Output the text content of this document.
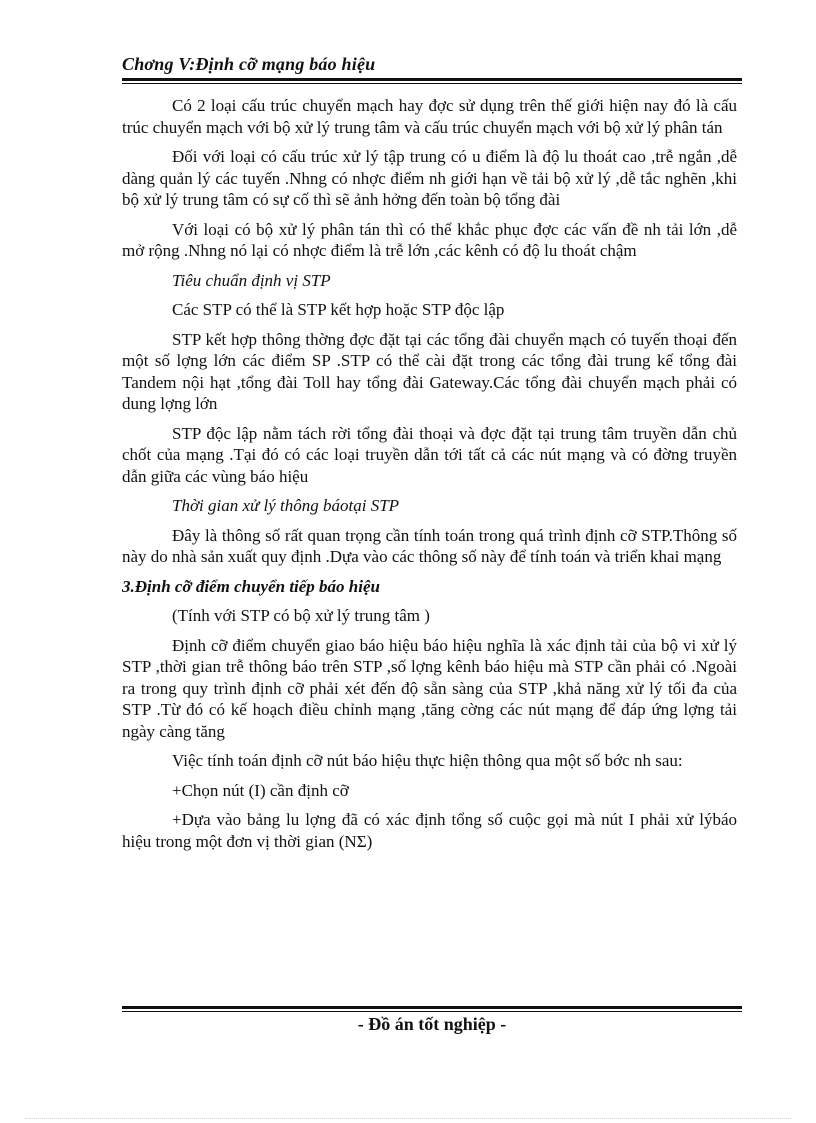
Chơng V:Định cỡ mạng báo hiệu

Có 2 loại cấu trúc chuyển mạch hay đợc sử dụng trên thế giới hiện nay đó là cấu trúc chuyển mạch với bộ xử lý trung tâm và cấu trúc chuyển mạch với bộ xử lý phân tán

Đối với loại có cấu trúc xử lý tập trung có u điểm là độ lu thoát cao ,trễ ngắn ,dễ dàng quản lý các tuyến .Nhng có nhợc điểm nh giới hạn về tải bộ xử lý ,dễ tắc nghẽn ,khi bộ xử lý trung tâm có sự cố thì sẽ ảnh hởng đến toàn bộ tổng đài

Với loại có bộ xử lý phân tán thì có thể khắc phục đợc các vấn đề nh tải lớn ,dễ mở rộng .Nhng nó lại có nhợc điểm là trễ lớn ,các kênh có độ lu thoát chậm

Tiêu chuẩn định vị STP

Các STP có thể là STP kết hợp hoặc STP độc lập

STP kết hợp thông thờng đợc đặt tại các tổng đài chuyển mạch có tuyến thoại đến một số lợng lớn các điểm SP .STP có thể cài đặt trong các tổng đài trung kế tổng đài Tandem nội hạt ,tổng đài Toll hay tổng đài Gateway.Các tổng đài chuyển mạch phải có dung lợng lớn

STP độc lập nằm tách rời tổng đài thoại và đợc đặt tại trung tâm truyền dẫn chủ chốt của mạng .Tại đó có các loại truyền dẫn tới tất cả các nút mạng và có đờng truyền dẫn giữa các vùng báo hiệu

Thời gian xử lý thông báotại STP

Đây là thông số rất quan trọng cần tính toán trong quá trình định cỡ STP.Thông số này do nhà sản xuất quy định .Dựa vào các thông số này để tính toán và triển khai mạng

3.Định cỡ điểm chuyển tiếp báo hiệu

(Tính với STP có bộ xử lý trung tâm )

Định cỡ điểm chuyển giao báo hiệu báo hiệu nghĩa là xác định tải của bộ vi xử lý STP ,thời gian trễ thông báo trên STP ,số lợng kênh báo hiệu mà STP cần phải có .Ngoài ra trong quy trình định cỡ phải xét đến độ sẵn sàng của STP ,khả năng xử lý tối đa của STP .Từ đó có kế hoạch điều chỉnh mạng ,tăng cờng các nút mạng để đáp ứng lợng tải ngày càng tăng

Việc tính toán định cỡ nút báo hiệu thực hiện thông qua một số bớc nh sau:

+Chọn nút (I) cần định cỡ

+Dựa vào bảng lu lợng đã có xác định tổng số cuộc gọi mà nút I phải xử lýbáo hiệu trong một đơn vị thời gian (NΣ)

- Đồ án tốt nghiệp -
